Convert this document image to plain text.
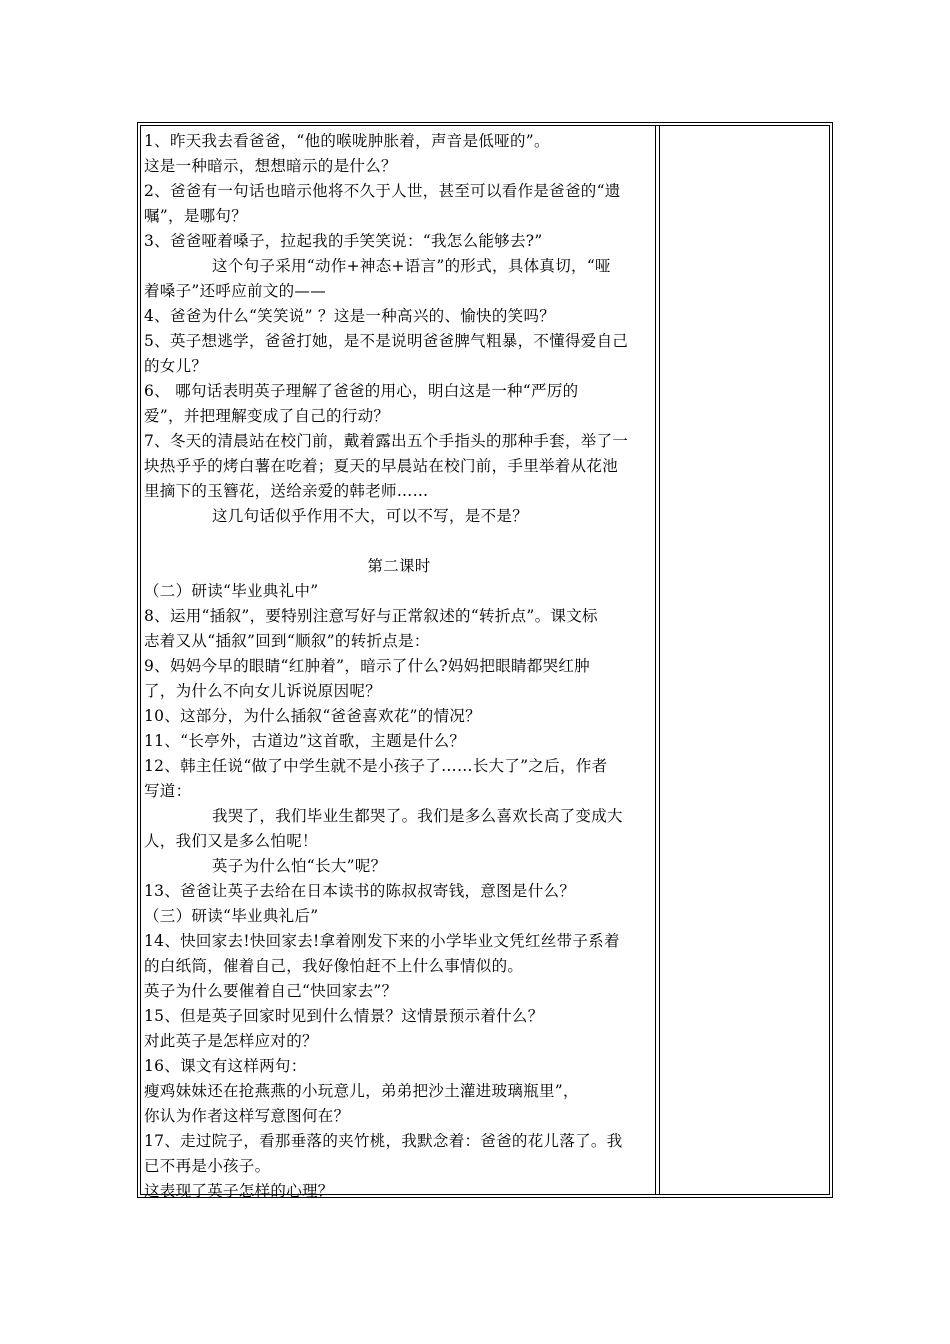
1、昨天我去看爸爸，“他的喉咙肿胀着，声音是低哑的”。
这是一种暗示，想想暗示的是什么？
2、爸爸有一句话也暗示他将不久于人世，甚至可以看作是爸爸的“遗
嘱”，是哪句？
3、爸爸哑着嗓子，拉起我的手笑笑说：“我怎么能够去?”
这个句子采用“动作+神态+语言”的形式，具体真切，“哑
着嗓子”还呼应前文的——
4、爸爸为什么“笑笑说” ？这是一种高兴的、愉快的笑吗？
5、英子想逃学，爸爸打她，是不是说明爸爸脾气粗暴，不懂得爱自己
的女儿？
6、 哪句话表明英子理解了爸爸的用心，明白这是一种“严厉的
爱”，并把理解变成了自己的行动？
7、冬天的清晨站在校门前，戴着露出五个手指头的那种手套，举了一
块热乎乎的烤白薯在吃着；夏天的早晨站在校门前，手里举着从花池
里摘下的玉簪花，送给亲爱的韩老师……
这几句话似乎作用不大，可以不写，是不是？
第二课时
（二）研读“毕业典礼中”
8、运用“插叙”，要特别注意写好与正常叙述的“转折点”。课文标
志着又从“插叙”回到“顺叙”的转折点是：
9、妈妈今早的眼睛“红肿着”，暗示了什么?妈妈把眼睛都哭红肿
了，为什么不向女儿诉说原因呢？
10、这部分，为什么插叙“爸爸喜欢花”的情况？
11、“长亭外，古道边”这首歌，主题是什么？
12、韩主任说“做了中学生就不是小孩子了……长大了”之后，作者
写道：
我哭了，我们毕业生都哭了。我们是多么喜欢长高了变成大
人，我们又是多么怕呢！
英子为什么怕“长大”呢？
13、爸爸让英子去给在日本读书的陈叔叔寄钱，意图是什么？
（三）研读“毕业典礼后”
14、快回家去!快回家去!拿着刚发下来的小学毕业文凭红丝带子系着
的白纸筒，催着自己，我好像怕赶不上什么事情似的。
英子为什么要催着自己“快回家去”？
15、但是英子回家时见到什么情景？这情景预示着什么？
对此英子是怎样应对的？
16、课文有这样两句：
瘦鸡妹妹还在抢燕燕的小玩意儿，弟弟把沙土灌进玻璃瓶里”，
你认为作者这样写意图何在？
17、走过院子，看那垂落的夹竹桃，我默念着：爸爸的花儿落了。我
已不再是小孩子。
这表现了英子怎样的心理？
